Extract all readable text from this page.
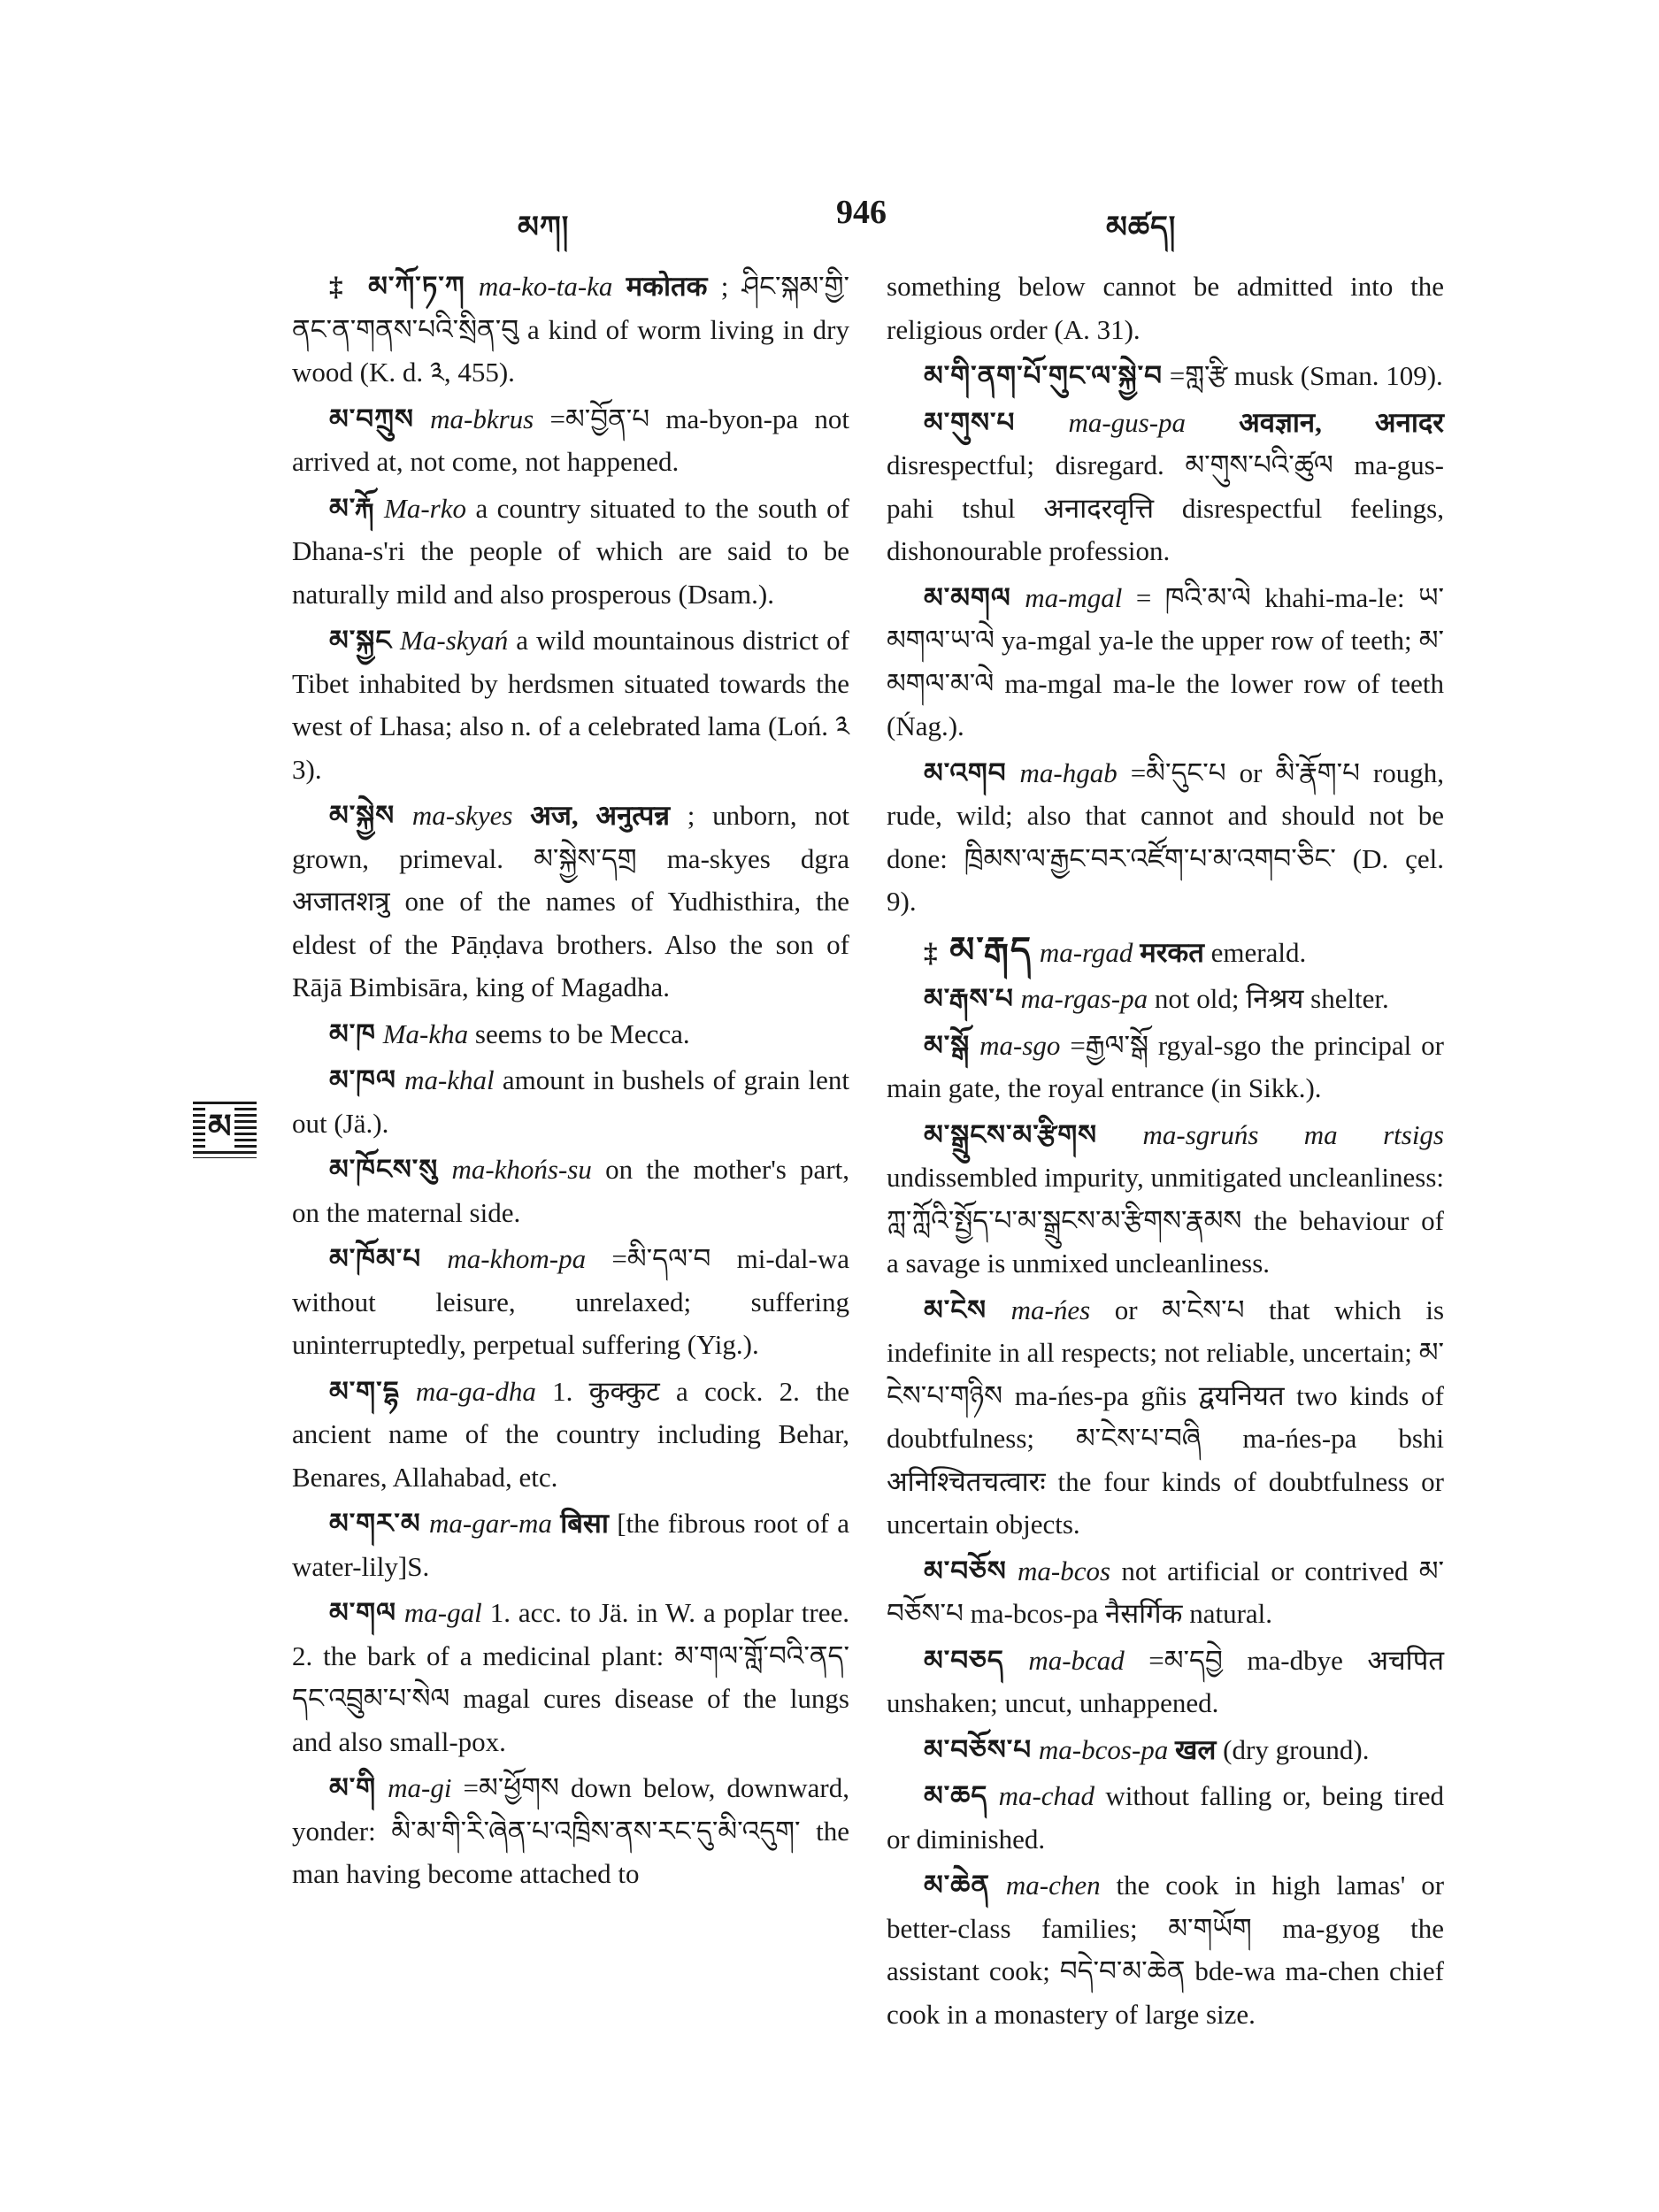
མཀ།	946	མཚད།
མ

‡ མ་ཀོ་ཏ་ཀ ma-ko-ta-ka मकोतक ; ཤིང་སྐམ་གྱི་ནང་ན་གནས་པའི་སྲིན་བུ a kind of worm living in dry wood (K. d. ༣, 455).

མ་བཀྲུས ma-bkrus =མ་བྱོན་པ ma-byon-pa not arrived at, not come, not happened.

མ་རྐོ Ma-rko a country situated to the south of Dhana-s'ri the people of which are said to be naturally mild and also prosperous (Dsam.).

མ་སྐྱང Ma-skyań a wild mountainous district of Tibet inhabited by herdsmen situated towards the west of Lhasa; also n. of a celebrated lama (Loń. ༣ 3).

མ་སྐྱེས ma-skyes अज, अनुत्पन्न ; unborn, not grown, primeval. མ་སྐྱེས་དགྲ ma-skyes dgra अजातशत्रु one of the names of Yudhisthira, the eldest of the Pāṇḍava brothers. Also the son of Rājā Bimbisāra, king of Magadha.

མ་ཁ Ma-kha seems to be Mecca.

མ་ཁལ ma-khal amount in bushels of grain lent out (Jä.).

མ་ཁོངས་སུ ma-khońs-su on the mother's part, on the maternal side.

མ་ཁོམ་པ ma-khom-pa =མི་དལ་བ mi-dal-wa without leisure, unrelaxed; suffering uninterruptedly, perpetual suffering (Yig.).

མ་ག་དྷ ma-ga-dha 1. कुक्कुट a cock. 2. the ancient name of the country including Behar, Benares, Allahabad, etc.

མ་གར་མ ma-gar-ma बिसा [the fibrous root of a water-lily]S.

མ་གལ ma-gal 1. acc. to Jä. in W. a poplar tree. 2. the bark of a medicinal plant: མ་གལ་གློ་བའི་ནད་དང་འབྲུམ་པ་སེལ magal cures disease of the lungs and also small-pox.

མ་གི ma-gi =མ་ཕྱོགས down below, downward, yonder: མི་མ་གི་རི་ཞེན་པ་འཁྲིས་ནས་རང་དུ་མི་འདུག་ the man having become attached to

something below cannot be admitted into the religious order (A. 31).

མ་གི་ནག་པོ་གུང་ལ་སྐྱེ་བ =གླ་རྩི musk (Sman. 109).

མ་གུས་པ ma-gus-pa अवज्ञान, अनादर disrespectful; disregard. མ་གུས་པའི་ཚུལ ma-gus-pahi tshul अनादरवृत्ति disrespectful feelings, dishonourable profession.

མ་མགལ ma-mgal = ཁའི་མ་ལེ khahi-ma-le: ཡ་མགལ་ཡ་ལེ ya-mgal ya-le the upper row of teeth; མ་མགལ་མ་ལེ ma-mgal ma-le the lower row of teeth (Ńag.).

མ་འགབ ma-hgab =མི་དུང་པ or མི་རྣོག་པ rough, rude, wild; also that cannot and should not be done: ཁྲིམས་ལ་རྒྱང་བར་འཛོག་པ་མ་འགབ་ཅིང་ (D. çel. 9).

‡ མ་རྒད ma-rgad मरकत emerald.

མ་རྒས་པ ma-rgas-pa not old; निश्रय shelter.

མ་སྒོ ma-sgo =རྒྱལ་སྒོ rgyal-sgo the principal or main gate, the royal entrance (in Sikk.).

མ་སྒྲུངས་མ་རྩིགས ma-sgruńs ma rtsigs undissembled impurity, unmitigated uncleanliness: ཀླ་ཀློའི་སྤྱོད་པ་མ་སྒྲུངས་མ་རྩིགས་རྣམས the behaviour of a savage is unmixed uncleanliness.

མ་ངེས ma-ńes or མ་ངེས་པ that which is indefinite in all respects; not reliable, uncertain; མ་ངེས་པ་གཉིས ma-ńes-pa gñis द्वयनियत two kinds of doubtfulness; མ་ངེས་པ་བཞི ma-ńes-pa bshi अनिश्चितचत्वारः the four kinds of doubtfulness or uncertain objects.

མ་བཅོས ma-bcos not artificial or contrived མ་བཅོས་པ ma-bcos-pa नैसर्गिक natural.

མ་བཅད ma-bcad =མ་དབྱེ ma-dbye अचपित unshaken; uncut, unhappened.

མ་བཅོས་པ ma-bcos-pa खल (dry ground).

མ་ཆད ma-chad without falling or, being tired or diminished.

མ་ཆེན ma-chen the cook in high lamas' or better-class families; མ་གཡོག ma-gyog the assistant cook; བདེ་བ་མ་ཆེན bde-wa ma-chen chief cook in a monastery of large size.
